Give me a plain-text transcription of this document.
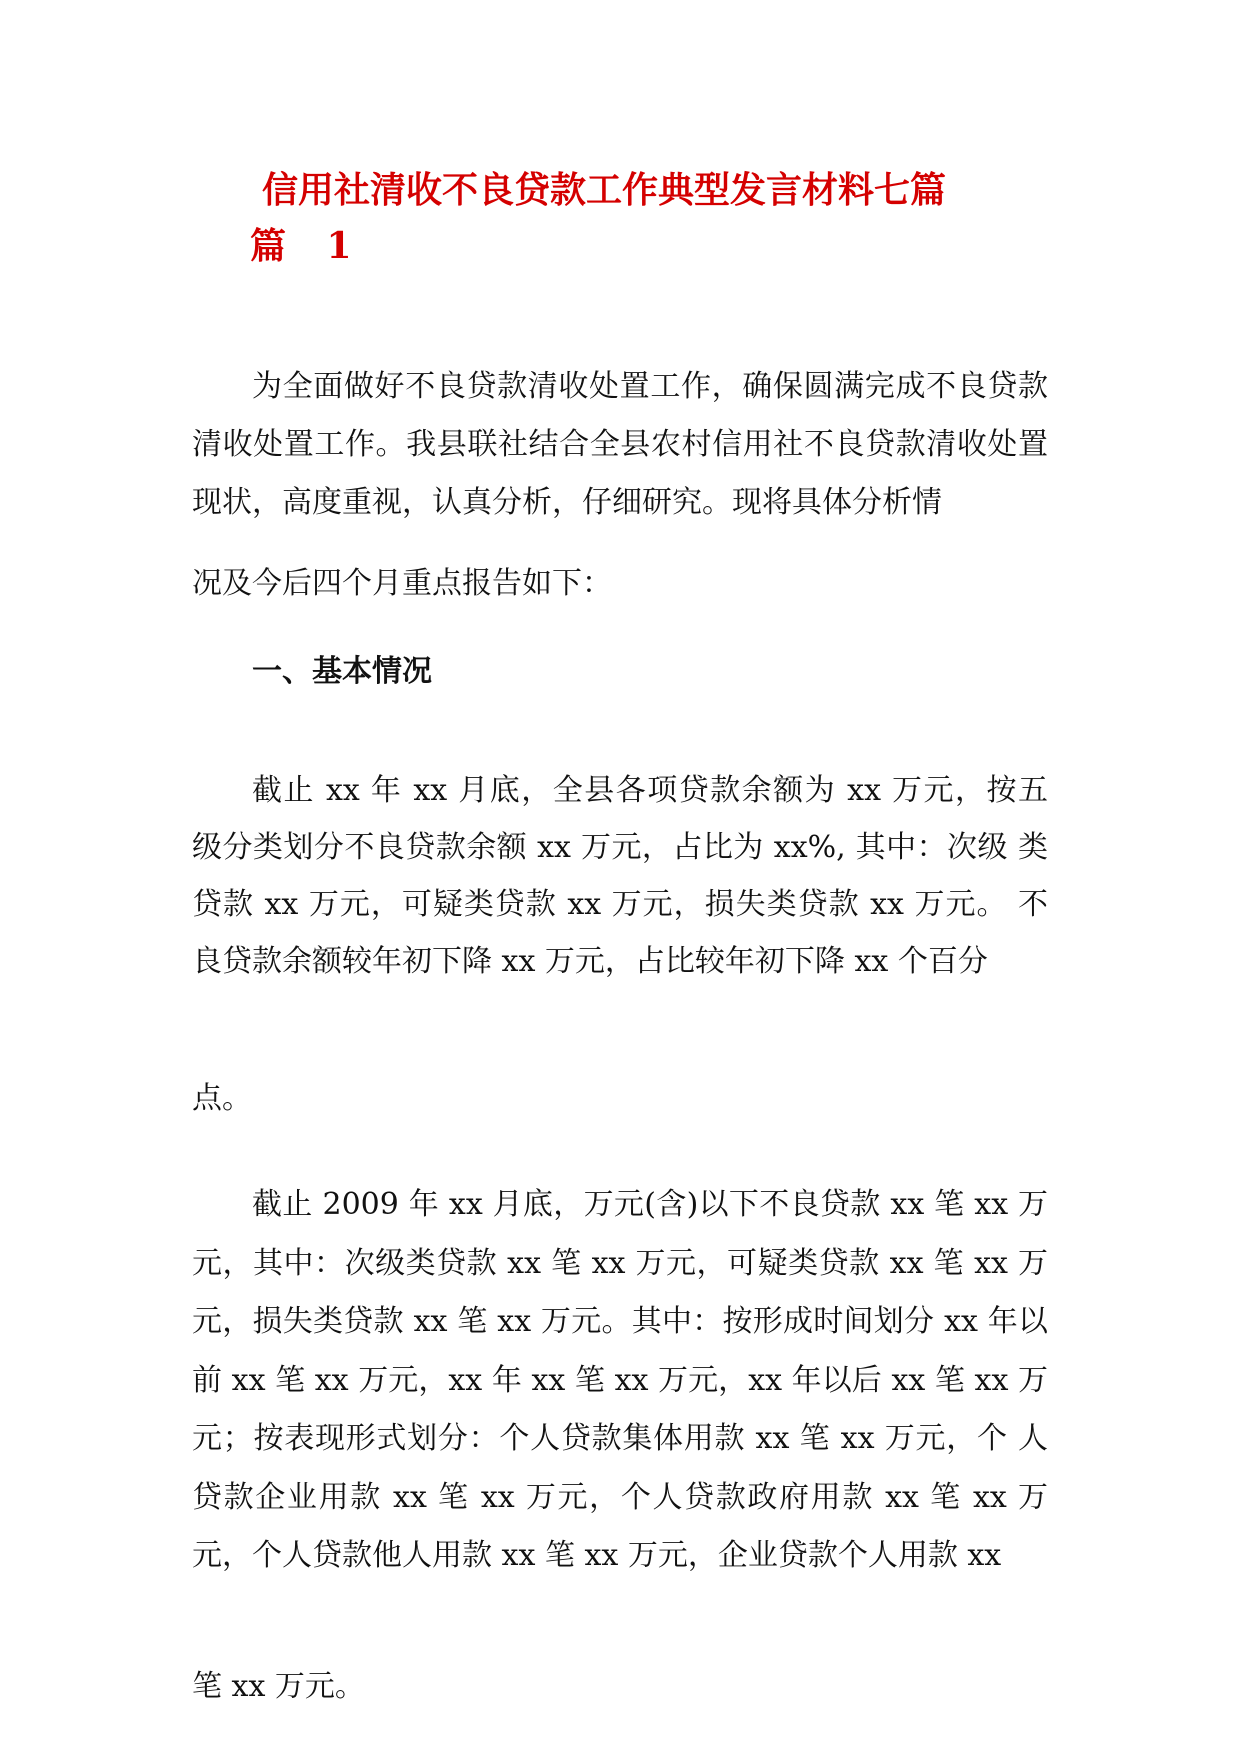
信用社清收不良贷款工作典型发言材料七篇
篇 1

为全面做好不良贷款清收处置工作，确保圆满完成不良贷款清收处置工作。我县联社结合全县农村信用社不良贷款清收处置现状，高度重视，认真分析，仔细研究。现将具体分析情

况及今后四个月重点报告如下：

一、基本情况

截止 xx 年 xx 月底，全县各项贷款余额为 xx 万元，按五 级分类划分不良贷款余额 xx 万元，占比为 xx%, 其中：次级 类贷款 xx 万元，可疑类贷款 xx 万元，损失类贷款 xx 万元。 不良贷款余额较年初下降 xx 万元，占比较年初下降 xx 个百分

点。

截止 2009 年 xx 月底，万元(含)以下不良贷款 xx 笔 xx 万元，其中：次级类贷款 xx 笔 xx 万元，可疑类贷款 xx 笔 xx 万元，损失类贷款 xx 笔 xx 万元。其中：按形成时间划分 xx 年以前 xx 笔 xx 万元，xx 年 xx 笔 xx 万元，xx 年以后 xx 笔 xx 万元；按表现形式划分：个人贷款集体用款 xx 笔 xx 万元，个 人贷款企业用款 xx 笔 xx 万元，个人贷款政府用款 xx 笔 xx 万 元，个人贷款他人用款 xx 笔 xx 万元，企业贷款个人用款 xx

笔 xx 万元。
